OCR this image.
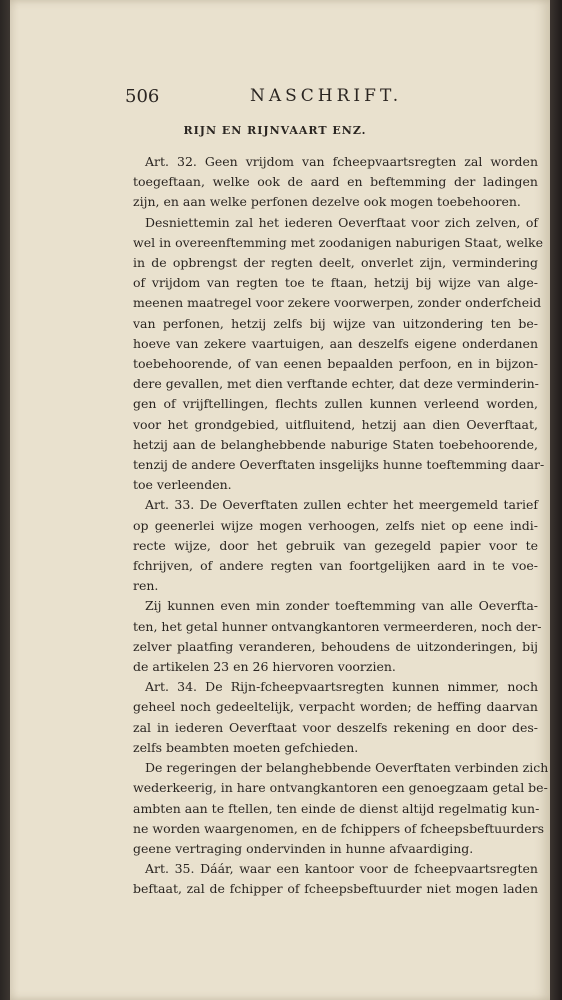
506	NASCHRIFT.
RIJN EN RIJNVAART ENZ.
Art. 32. Geen vrijdom van fcheepvaartsregten zal worden
toegeftaan, welke ook de aard en beftemming der ladingen
zijn, en aan welke perfonen dezelve ook mogen toebehooren.
Desniettemin zal het iederen Oeverftaat voor zich zelven, of
wel in overeenftemming met zoodanigen naburigen Staat, welke
in de opbrengst der regten deelt, onverlet zijn, vermindering
of vrijdom van regten toe te ftaan, hetzij bij wijze van alge-
meenen maatregel voor zekere voorwerpen, zonder onderfcheid
van perfonen, hetzij zelfs bij wijze van uitzondering ten be-
hoeve van zekere vaartuigen, aan deszelfs eigene onderdanen
toebehoorende, of van eenen bepaalden perfoon, en in bijzon-
dere gevallen, met dien verftande echter, dat deze verminderin-
gen of vrijftellingen, flechts zullen kunnen verleend worden,
voor het grondgebied, uitfluitend, hetzij aan dien Oeverftaat,
hetzij aan de belanghebbende naburige Staten toebehoorende,
tenzij de andere Oeverftaten insgelijks hunne toeftemming daar-
toe verleenden.
Art. 33. De Oeverftaten zullen echter het meergemeld tarief
op geenerlei wijze mogen verhoogen, zelfs niet op eene indi-
recte wijze, door het gebruik van gezegeld papier voor te
fchrijven, of andere regten van foortgelijken aard in te voe-
ren.
Zij kunnen even min zonder toeftemming van alle Oeverfta-
ten, het getal hunner ontvangkantoren vermeerderen, noch der-
zelver plaatfing veranderen, behoudens de uitzonderingen, bij
de artikelen 23 en 26 hiervoren voorzien.
Art. 34. De Rijn-fcheepvaartsregten kunnen nimmer, noch
geheel noch gedeeltelijk, verpacht worden; de heffing daarvan
zal in iederen Oeverftaat voor deszelfs rekening en door des-
zelfs beambten moeten gefchieden.
De regeringen der belanghebbende Oeverftaten verbinden zich
wederkeerig, in hare ontvangkantoren een genoegzaam getal be-
ambten aan te ftellen, ten einde de dienst altijd regelmatig kun-
ne worden waargenomen, en de fchippers of fcheepsbeftuurders
geene vertraging ondervinden in hunne afvaardiging.
Art. 35. Dáár, waar een kantoor voor de fcheepvaartsregten
beftaat, zal de fchipper of fcheepsbeftuurder niet mogen laden
